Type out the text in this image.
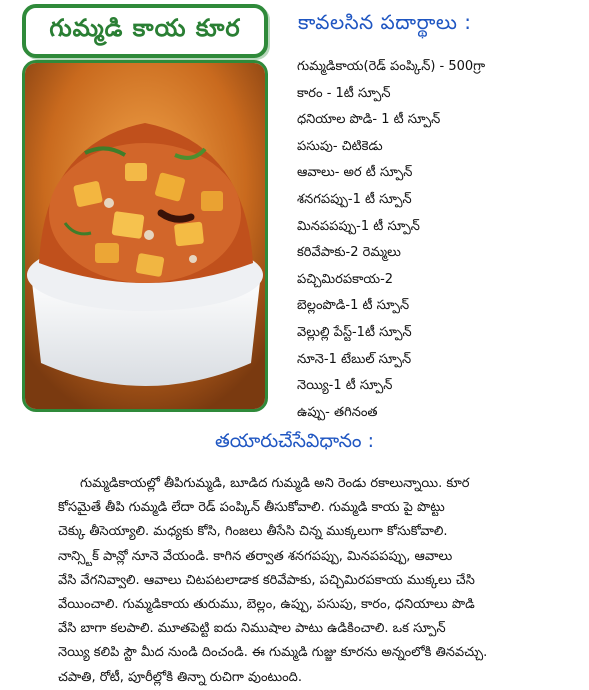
గుమ్మడి కాయ కూర	కావలసిన పదార్థాలు :
గుమ్మడికాయ(రెడ్ పంప్కిన్) - 500గ్రా
కారం - 1టీ స్పూన్
ధనియాల పొడి- 1 టీ స్పూన్
పసుపు- చిటికెడు
ఆవాలు- అర టీ స్పూన్
శనగపప్పు-1 టీ స్పూన్
మినపపప్పు-1 టీ స్పూన్
కరివేపాకు-2 రెమ్మలు
పచ్చిమిరపకాయ-2
బెల్లంపొడి-1 టీ స్పూన్
వెల్లుల్లి పేస్ట్-1టీ స్పూన్
నూనె-1 టేబుల్ స్పూన్
నెయ్యి-1 టీ స్పూన్
ఉప్పు- తగినంత
తయారుచేసేవిధానం :
గుమ్మడికాయల్లో తీపిగుమ్మడి, బూడిద గుమ్మడి అని రెండు రకాలున్నాయి. కూర
కోసమైతే తీపి గుమ్మడి లేదా రెడ్ పంప్కిన్ తీసుకోవాలి. గుమ్మడి కాయ పై పొట్టు
చెక్కు తీసెయ్యాలి. మధ్యకు కోసి, గింజలు తీసేసి చిన్న ముక్కలుగా కోసుకోవాలి.
నాన్స్టిక్ పాన్లో నూనె వేయండి. కాగిన తర్వాత శనగపప్పు, మినపపప్పు, ఆవాలు
వేసి వేగనివ్వాలి. ఆవాలు చిటపటలాడాక కరివేపాకు, పచ్చిమిరపకాయ ముక్కలు చేసి
వేయించాలి. గుమ్మడికాయ తురుము, బెల్లం, ఉప్పు, పసుపు, కారం, ధనియాలు పొడి
వేసి బాగా కలపాలి. మూతపెట్టి ఐదు నిముషాల పాటు ఉడికించాలి. ఒక స్పూన్
నెయ్యి కలిపి స్టౌ మీద నుండి దించండి. ఈ గుమ్మడి గుజ్జు కూరను అన్నంలోకి తినవచ్చు.
చపాతి, రోటీ, పూరీల్లోకి తిన్నా రుచిగా వుంటుంది.
